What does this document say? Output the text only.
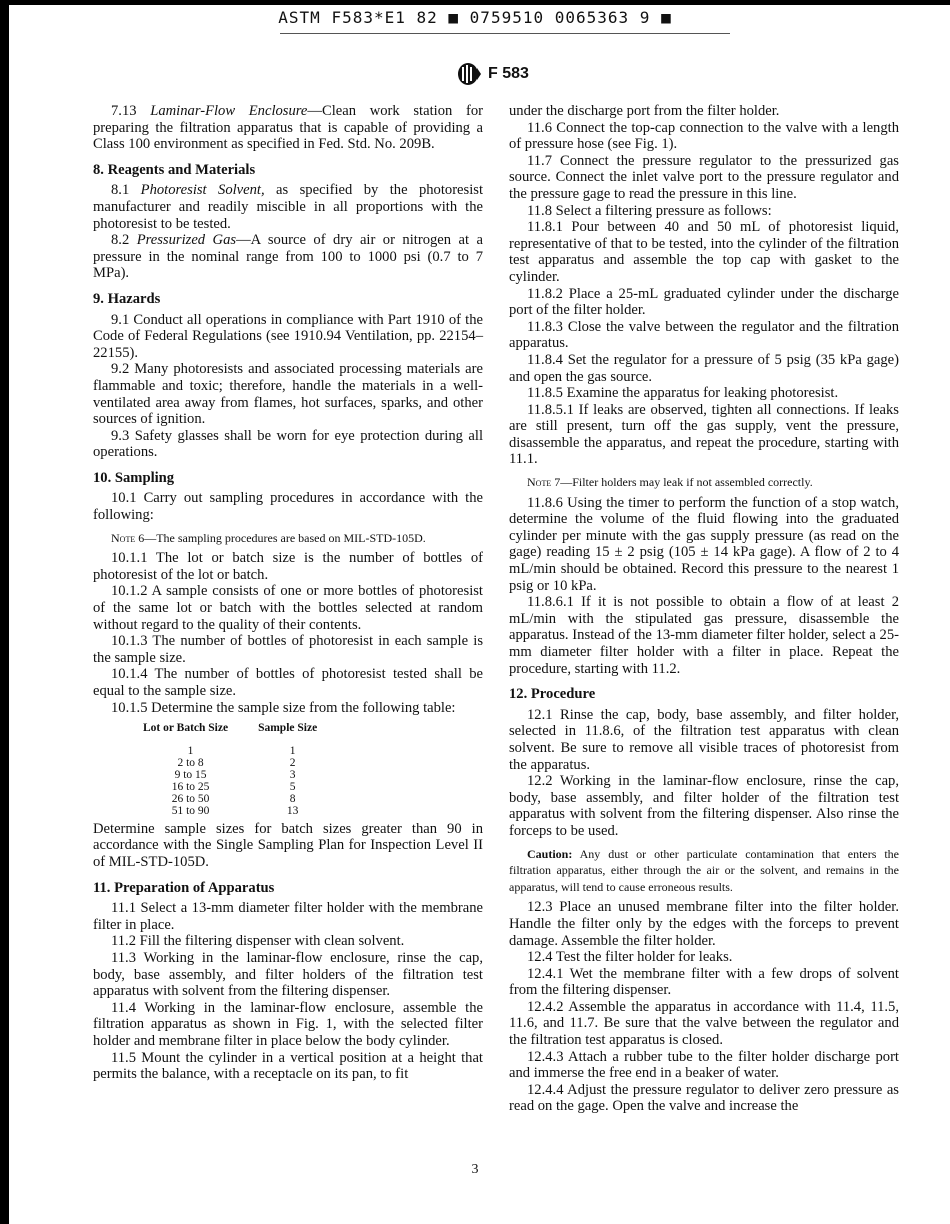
ASTM F583*E1 82 ■ 0759510 0065363 9 ■
F 583

7.13 Laminar-Flow Enclosure—Clean work station for preparing the filtration apparatus that is capable of providing a Class 100 environment as specified in Fed. Std. No. 209B.

8. Reagents and Materials

8.1 Photoresist Solvent, as specified by the photoresist manufacturer and readily miscible in all proportions with the photoresist to be tested.

8.2 Pressurized Gas—A source of dry air or nitrogen at a pressure in the nominal range from 100 to 1000 psi (0.7 to 7 MPa).

9. Hazards

9.1 Conduct all operations in compliance with Part 1910 of the Code of Federal Regulations (see 1910.94 Ventilation, pp. 22154–22155).

9.2 Many photoresists and associated processing materials are flammable and toxic; therefore, handle the materials in a well-ventilated area away from flames, hot surfaces, sparks, and other sources of ignition.

9.3 Safety glasses shall be worn for eye protection during all operations.

10. Sampling

10.1 Carry out sampling procedures in accordance with the following:

Note 6—The sampling procedures are based on MIL-STD-105D.

10.1.1 The lot or batch size is the number of bottles of photoresist of the lot or batch.

10.1.2 A sample consists of one or more bottles of photoresist of the same lot or batch with the bottles selected at random without regard to the quality of their contents.

10.1.3 The number of bottles of photoresist in each sample is the sample size.

10.1.4 The number of bottles of photoresist tested shall be equal to the sample size.

10.1.5 Determine the sample size from the following table:

Lot or Batch Size	Sample Size
1	1
2 to 8	2
9 to 15	3
16 to 25	5
26 to 50	8
51 to 90	13

Determine sample sizes for batch sizes greater than 90 in accordance with the Single Sampling Plan for Inspection Level II of MIL-STD-105D.

11. Preparation of Apparatus

11.1 Select a 13-mm diameter filter holder with the membrane filter in place.

11.2 Fill the filtering dispenser with clean solvent.

11.3 Working in the laminar-flow enclosure, rinse the cap, body, base assembly, and filter holders of the filtration test apparatus with solvent from the filtering dispenser.

11.4 Working in the laminar-flow enclosure, assemble the filtration apparatus as shown in Fig. 1, with the selected filter holder and membrane filter in place below the body cylinder.

11.5 Mount the cylinder in a vertical position at a height that permits the balance, with a receptacle on its pan, to fit

under the discharge port from the filter holder.

11.6 Connect the top-cap connection to the valve with a length of pressure hose (see Fig. 1).

11.7 Connect the pressure regulator to the pressurized gas source. Connect the inlet valve port to the pressure regulator and the pressure gage to read the pressure in this line.

11.8 Select a filtering pressure as follows:

11.8.1 Pour between 40 and 50 mL of photoresist liquid, representative of that to be tested, into the cylinder of the filtration test apparatus and assemble the top cap with gasket to the cylinder.

11.8.2 Place a 25-mL graduated cylinder under the discharge port of the filter holder.

11.8.3 Close the valve between the regulator and the filtration apparatus.

11.8.4 Set the regulator for a pressure of 5 psig (35 kPa gage) and open the gas source.

11.8.5 Examine the apparatus for leaking photoresist.

11.8.5.1 If leaks are observed, tighten all connections. If leaks are still present, turn off the gas supply, vent the pressure, disassemble the apparatus, and repeat the procedure, starting with 11.1.

Note 7—Filter holders may leak if not assembled correctly.

11.8.6 Using the timer to perform the function of a stop watch, determine the volume of the fluid flowing into the graduated cylinder per minute with the gas supply pressure (as read on the gage) reading 15 ± 2 psig (105 ± 14 kPa gage). A flow of 2 to 4 mL/min should be obtained. Record this pressure to the nearest 1 psig or 10 kPa.

11.8.6.1 If it is not possible to obtain a flow of at least 2 mL/min with the stipulated gas pressure, disassemble the apparatus. Instead of the 13-mm diameter filter holder, select a 25-mm diameter filter holder with a filter in place. Repeat the procedure, starting with 11.2.

12. Procedure

12.1 Rinse the cap, body, base assembly, and filter holder, selected in 11.8.6, of the filtration test apparatus with clean solvent. Be sure to remove all visible traces of photoresist from the apparatus.

12.2 Working in the laminar-flow enclosure, rinse the cap, body, base assembly, and filter holder of the filtration test apparatus with solvent from the filtering dispenser. Also rinse the forceps to be used.

Caution: Any dust or other particulate contamination that enters the filtration apparatus, either through the air or the solvent, and remains in the apparatus, will tend to cause erroneous results.

12.3 Place an unused membrane filter into the filter holder. Handle the filter only by the edges with the forceps to prevent damage. Assemble the filter holder.

12.4 Test the filter holder for leaks.

12.4.1 Wet the membrane filter with a few drops of solvent from the filtering dispenser.

12.4.2 Assemble the apparatus in accordance with 11.4, 11.5, 11.6, and 11.7. Be sure that the valve between the regulator and the filtration test apparatus is closed.

12.4.3 Attach a rubber tube to the filter holder discharge port and immerse the free end in a beaker of water.

12.4.4 Adjust the pressure regulator to deliver zero pressure as read on the gage. Open the valve and increase the

3
